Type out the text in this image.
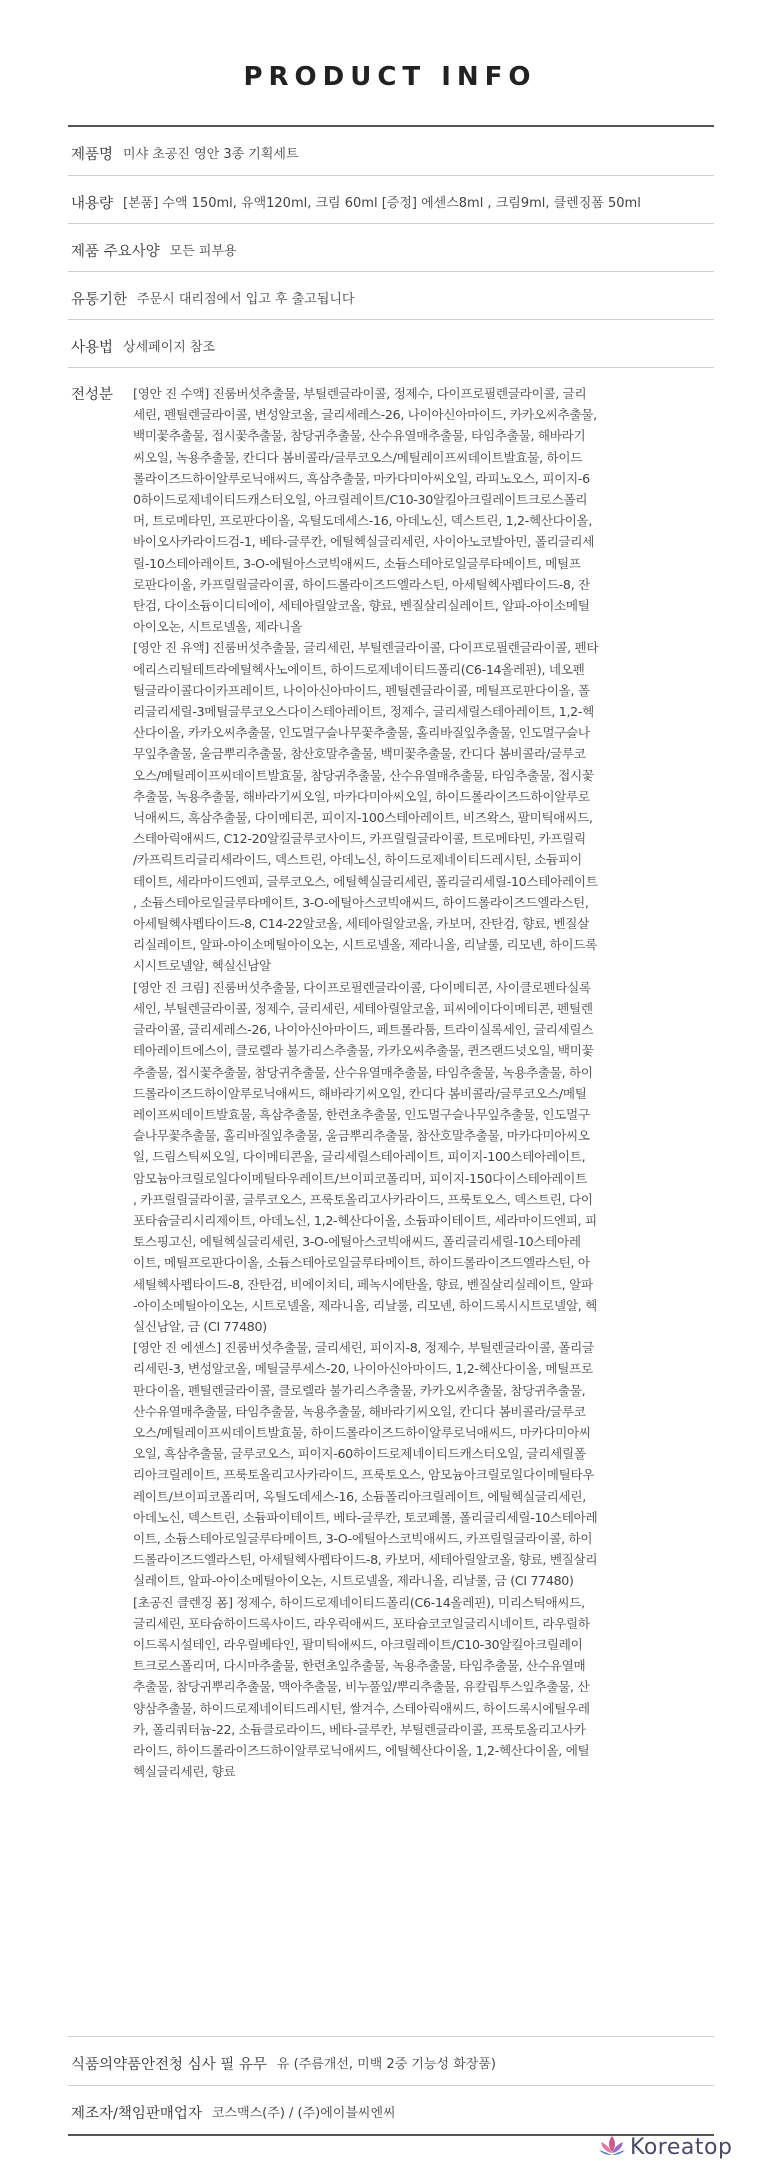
PRODUCT INFO
제품명 미샤 초공진 영안 3종 기획세트
내용량 [본품] 수액 150ml, 유액120ml, 크림 60ml [증정] 에센스8ml , 크림9ml, 클렌징폼 50ml
제품 주요사양 모든 피부용
유통기한 주문시 대리점에서 입고 후 출고됩니다
사용법 상세페이지 참조
전성분	[영안 진 수액] 진룸버섯추출물, 부틸렌글라이콜, 정제수, 다이프로필렌글라이콜, 글리

세린, 펜틸렌글라이콜, 변성알코올, 글리세레스-26, 나이아신아마이드, 카카오씨추출물,

백미꽃추출물, 접시꽃추출물, 참당귀추출물, 산수유열매추출물, 타임추출물, 해바라기

씨오일, 녹용추출물, 칸디다 봄비콜라/글루코오스/메틸레이프씨데이트발효물, 하이드

롤라이즈드하이알루로닉애씨드, 흑삼추출물, 마카다미아씨오일, 라피노오스, 피이지-6

0하이드로제네이티드캐스터오일, 아크릴레이트/C10-30알킬아크릴레이트크로스폴리

머, 트로메타민, 프로판다이올, 옥틸도데세스-16, 아데노신, 덱스트린, 1,2-헥산다이올,

바이오사카라이드검-1, 베타-글루칸, 에틸헥실글리세린, 사이아노코발아민, 폴리글리세

릴-10스테아레이트, 3-O-에틸아스코빅애씨드, 소듐스테아로일글루타메이트, 메틸프

로판다이올, 카프릴릴글라이콜, 하이드롤라이즈드엘라스틴, 아세틸헥사펩타이드-8, 잔

탄검, 다이소듐이디티에이, 세테아릴알코올, 향료, 벤질살리실레이트, 알파-아이소메틸

아이오논, 시트로넬올, 제라니올

[영안 진 유액] 진룸버섯추출물, 글리세린, 부틸렌글라이콜, 다이프로필렌글라이콜, 펜타

에리스리틸테트라에틸헥사노에이트, 하이드로제네이티드폴리(C6-14올레핀), 네오펜

틸글라이콜다이카프레이트, 나이아신아마이드, 펜틸렌글라이콜, 메틸프로판다이올, 폴

리글리세릴-3메틸글루코오스다이스테아레이트, 정제수, 글리세릴스테아레이트, 1,2-헥

산다이올, 카카오씨추출물, 인도멀구슬나무꽃추출물, 홀리바질잎추출물, 인도멀구슬나

무잎추출물, 울금뿌리추출물, 참산호말추출물, 백미꽃추출물, 칸디다 봄비콜라/글루코

오스/메틸레이프씨데이트발효물, 참당귀추출물, 산수유열매추출물, 타임추출물, 접시꽃

추출물, 녹용추출물, 해바라기씨오일, 마카다미아씨오일, 하이드롤라이즈드하이알루로

닉애씨드, 흑삼추출물, 다이메티콘, 피이지-100스테아레이트, 비즈왁스, 팔미틱애씨드,

스테아릭애씨드, C12-20알킬글루코사이드, 카프릴릴글라이콜, 트로메타민, 카프릴릭

/카프릭트리글리세라이드, 덱스트린, 아데노신, 하이드로제네이티드레시틴, 소듐피이

테이트, 세라마이드엔피, 글루코오스, 에틸헥실글리세린, 폴리글리세릴-10스테아레이트

, 소듐스테아로일글루타메이트, 3-O-에틸아스코빅애씨드, 하이드롤라이즈드엘라스틴,

아세틸헥사펩타이드-8, C14-22알코올, 세테아릴알코올, 카보머, 잔탄검, 향료, 벤질살

리실레이트, 알파-아이소메틸아이오논, 시트로넬올, 제라니올, 리날룰, 리모넨, 하이드록

시시트로넬알, 헥실신남알

[영안 진 크림] 진룸버섯추출물, 다이프로필렌글라이콜, 다이메티콘, 사이클로펜타실록

세인, 부틸렌글라이콜, 정제수, 글리세린, 세테아릴알코올, 피씨에이다이메티콘, 펜틸렌

글라이콜, 글리세레스-26, 나이아신아마이드, 페트롤라툼, 트라이실록세인, 글리세릴스

테아레이트에스이, 클로렐라 불가리스추출물, 카카오씨추출물, 퀸즈랜드넛오일, 백미꽃

추출물, 접시꽃추출물, 참당귀추출물, 산수유열매추출물, 타임추출물, 녹용추출물, 하이

드롤라이즈드하이알루로닉애씨드, 해바라기씨오일, 칸디다 봄비콜라/글루코오스/메틸

레이프씨데이트발효물, 흑삼추출물, 한련초추출물, 인도멀구슬나무잎추출물, 인도멀구

슬나무꽃추출물, 홀리바질잎추출물, 울금뿌리추출물, 참산호말추출물, 마카다미아씨오

일, 드림스틱씨오일, 다이메티콘올, 글리세릴스테아레이트, 피이지-100스테아레이트,

암모늄아크릴로일다이메틸타우레이트/브이피코폴리머, 피이지-150다이스테아레이트

, 카프릴릴글라이콜, 글루코오스, 프룩토올리고사카라이드, 프룩토오스, 덱스트린, 다이

포타슘글리시리제이트, 아데노신, 1,2-헥산다이올, 소듐파이테이트, 세라마이드엔피, 피

토스핑고신, 에틸헥실글리세린, 3-O-에틸아스코빅애씨드, 폴리글리세릴-10스테아레

이트, 메틸프로판다이올, 소듐스테아로일글루타메이트, 하이드롤라이즈드엘라스틴, 아

세틸헥사펩타이드-8, 잔탄검, 비에이치티, 페녹시에탄올, 향료, 벤질살리실레이트, 알파

-아이소메틸아이오논, 시트로넬올, 제라니올, 리날룰, 리모넨, 하이드록시시트로넬알, 헥

실신남알, 금 (CI 77480)

[영안 진 에센스] 진룸버섯추출물, 글리세린, 피이지-8, 정제수, 부틸렌글라이콜, 폴리글

리세린-3, 변성알코올, 메틸글루세스-20, 나이아신아마이드, 1,2-헥산다이올, 메틸프로

판다이올, 펜틸렌글라이콜, 클로렐라 불가리스추출물, 카카오씨추출물, 참당귀추출물,

산수유열매추출물, 타임추출물, 녹용추출물, 해바라기씨오일, 칸디다 봄비콜라/글루코

오스/메틸레이프씨데이트발효물, 하이드롤라이즈드하이알루로닉애씨드, 마카다미아씨

오일, 흑삼추출물, 글루코오스, 피이지-60하이드로제네이티드캐스터오일, 글리세릴폴

리아크릴레이트, 프룩토올리고사카라이드, 프룩토오스, 암모늄아크릴로일다이메틸타우

레이트/브이피코폴리머, 옥틸도데세스-16, 소듐폴리아크릴레이트, 에틸헥실글리세린,

아데노신, 덱스트린, 소듐파이테이트, 베타-글루칸, 토코페롤, 폴리글리세릴-10스테아레

이트, 소듐스테아로일글루타메이트, 3-O-에틸아스코빅애씨드, 카프릴릴글라이콜, 하이

드롤라이즈드엘라스틴, 아세틸헥사펩타이드-8, 카보머, 세테아릴알코올, 향료, 벤질살리

실레이트, 알파-아이소메틸아이오논, 시트로넬올, 제라니올, 리날룰, 금 (CI 77480)

[초공진 클렌징 폼] 정제수, 하이드로제네이티드폴리(C6-14올레핀), 미리스틱애씨드,

글리세린, 포타슘하이드록사이드, 라우릭애씨드, 포타슘코코일글리시네이트, 라우릴하

이드록시설테인, 라우릴베타인, 팔미틱애씨드, 아크릴레이트/C10-30알킬아크릴레이

트크로스폴리머, 다시마추출물, 한련초잎추출물, 녹용추출물, 타임추출물, 산수유열매

추출물, 참당귀뿌리추출물, 맥아추출물, 비누풀잎/뿌리추출물, 유칼립투스잎추출물, 산

양삼추출물, 하이드로제네이티드레시틴, 쌀겨수, 스테아릭애씨드, 하이드록시에틸우레

카, 폴리쿼터늄-22, 소듐클로라이드, 베타-글루칸, 부틸렌글라이콜, 프룩토올리고사카

라이드, 하이드롤라이즈드하이알루로닉애씨드, 에틸헥산다이올, 1,2-헥산다이올, 에틸

헥실글리세린, 향료

식품의약품안전청 심사 필 유무 유 (주름개선, 미백 2중 기능성 화장품)
제조자/책임판매업자 코스맥스(주) / (주)에이블씨엔씨
Koreatop
